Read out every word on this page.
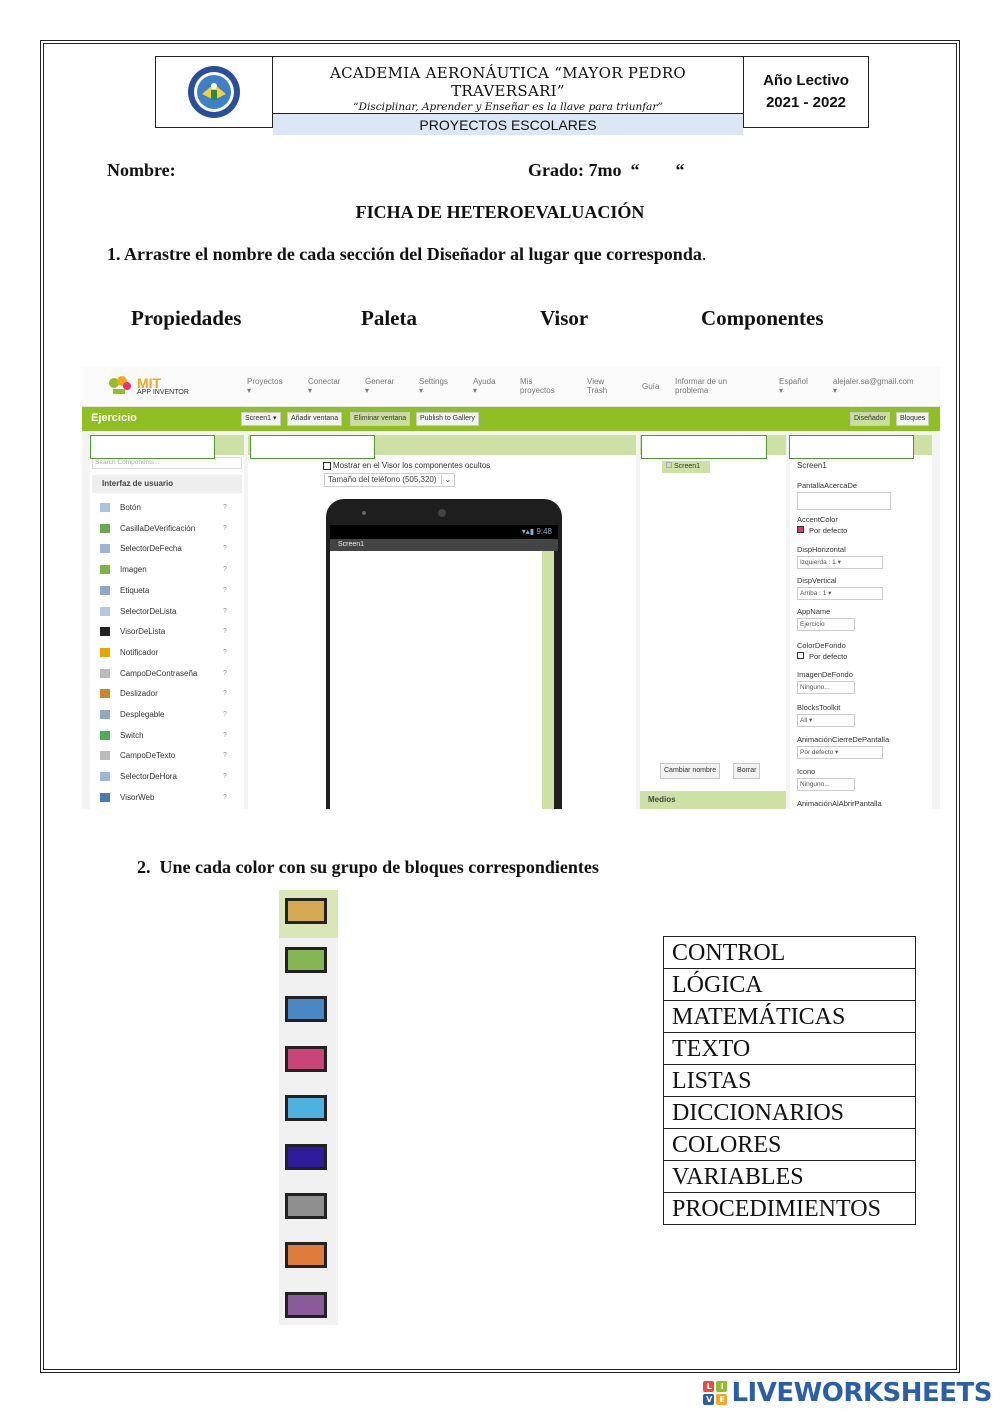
ACADEMIA AERONÁUTICA “MAYOR PEDRO TRAVERSARI”
“Disciplinar, Aprender y Enseñar es la llave para triunfar”
PROYECTOS ESCOLARES
Año Lectivo
2021 - 2022
Nombre:	Grado: 7mo  “        “
FICHA DE HETEROEVALUACIÓN
1. Arrastre el nombre de cada sección del Diseñador al lugar que corresponda.
Propiedades	Paleta	Visor	Componentes
MIT
APP INVENTOR
Proyectos
▾
Conectar
▾
Generar
▾
Settings
▾
Ayuda
▾
Mis proyectos
View Trash	Guía
Informar de un problema
Español
▾
alejaler.sa@gmail.com
▾
Ejercicio	Screen1 ▾	Añadir ventana	Eliminar ventana	Publish to Gallery	Diseñador	Bloques
Search Components...
Interfaz de usuario
Botón	?
CasillaDeVerificación	?
SelectorDeFecha	?
Imagen	?
Etiqueta	?
SelectorDeLista	?
VisorDeLista	?
Notificador	?
CampoDeContraseña	?
Deslizador	?
Desplegable	?
Switch	?
CampoDeTexto	?
SelectorDeHora	?
VisorWeb	?
Mostrar en el Visor los componentes ocultos
Tamaño del teléfono (505,320) ⌄
▾▴▮ 9:48
Screen1
Screen1
Cambiar nombre	Borrar
Medios
Screen1
PantallaAcercaDe
AccentColor
Por defecto
DispHorizontal
Izquierda : 1 ▾
DispVertical
Arriba : 1 ▾
AppName
Ejercicio
ColorDeFondo
Por defecto
ImagenDeFondo
Ninguno...
BlocksToolkit
All ▾
AnimaciónCierreDePantalla
Por defecto ▾
Icono
Ninguno...
AnimaciónAlAbrirPantalla
2. Une cada color con su grupo de bloques correspondientes
CONTROL
LÓGICA
MATEMÁTICAS
TEXTO
LISTAS
DICCIONARIOS
COLORES
VARIABLES
PROCEDIMIENTOS
L	I
V E LIVEWORKSHEETS
